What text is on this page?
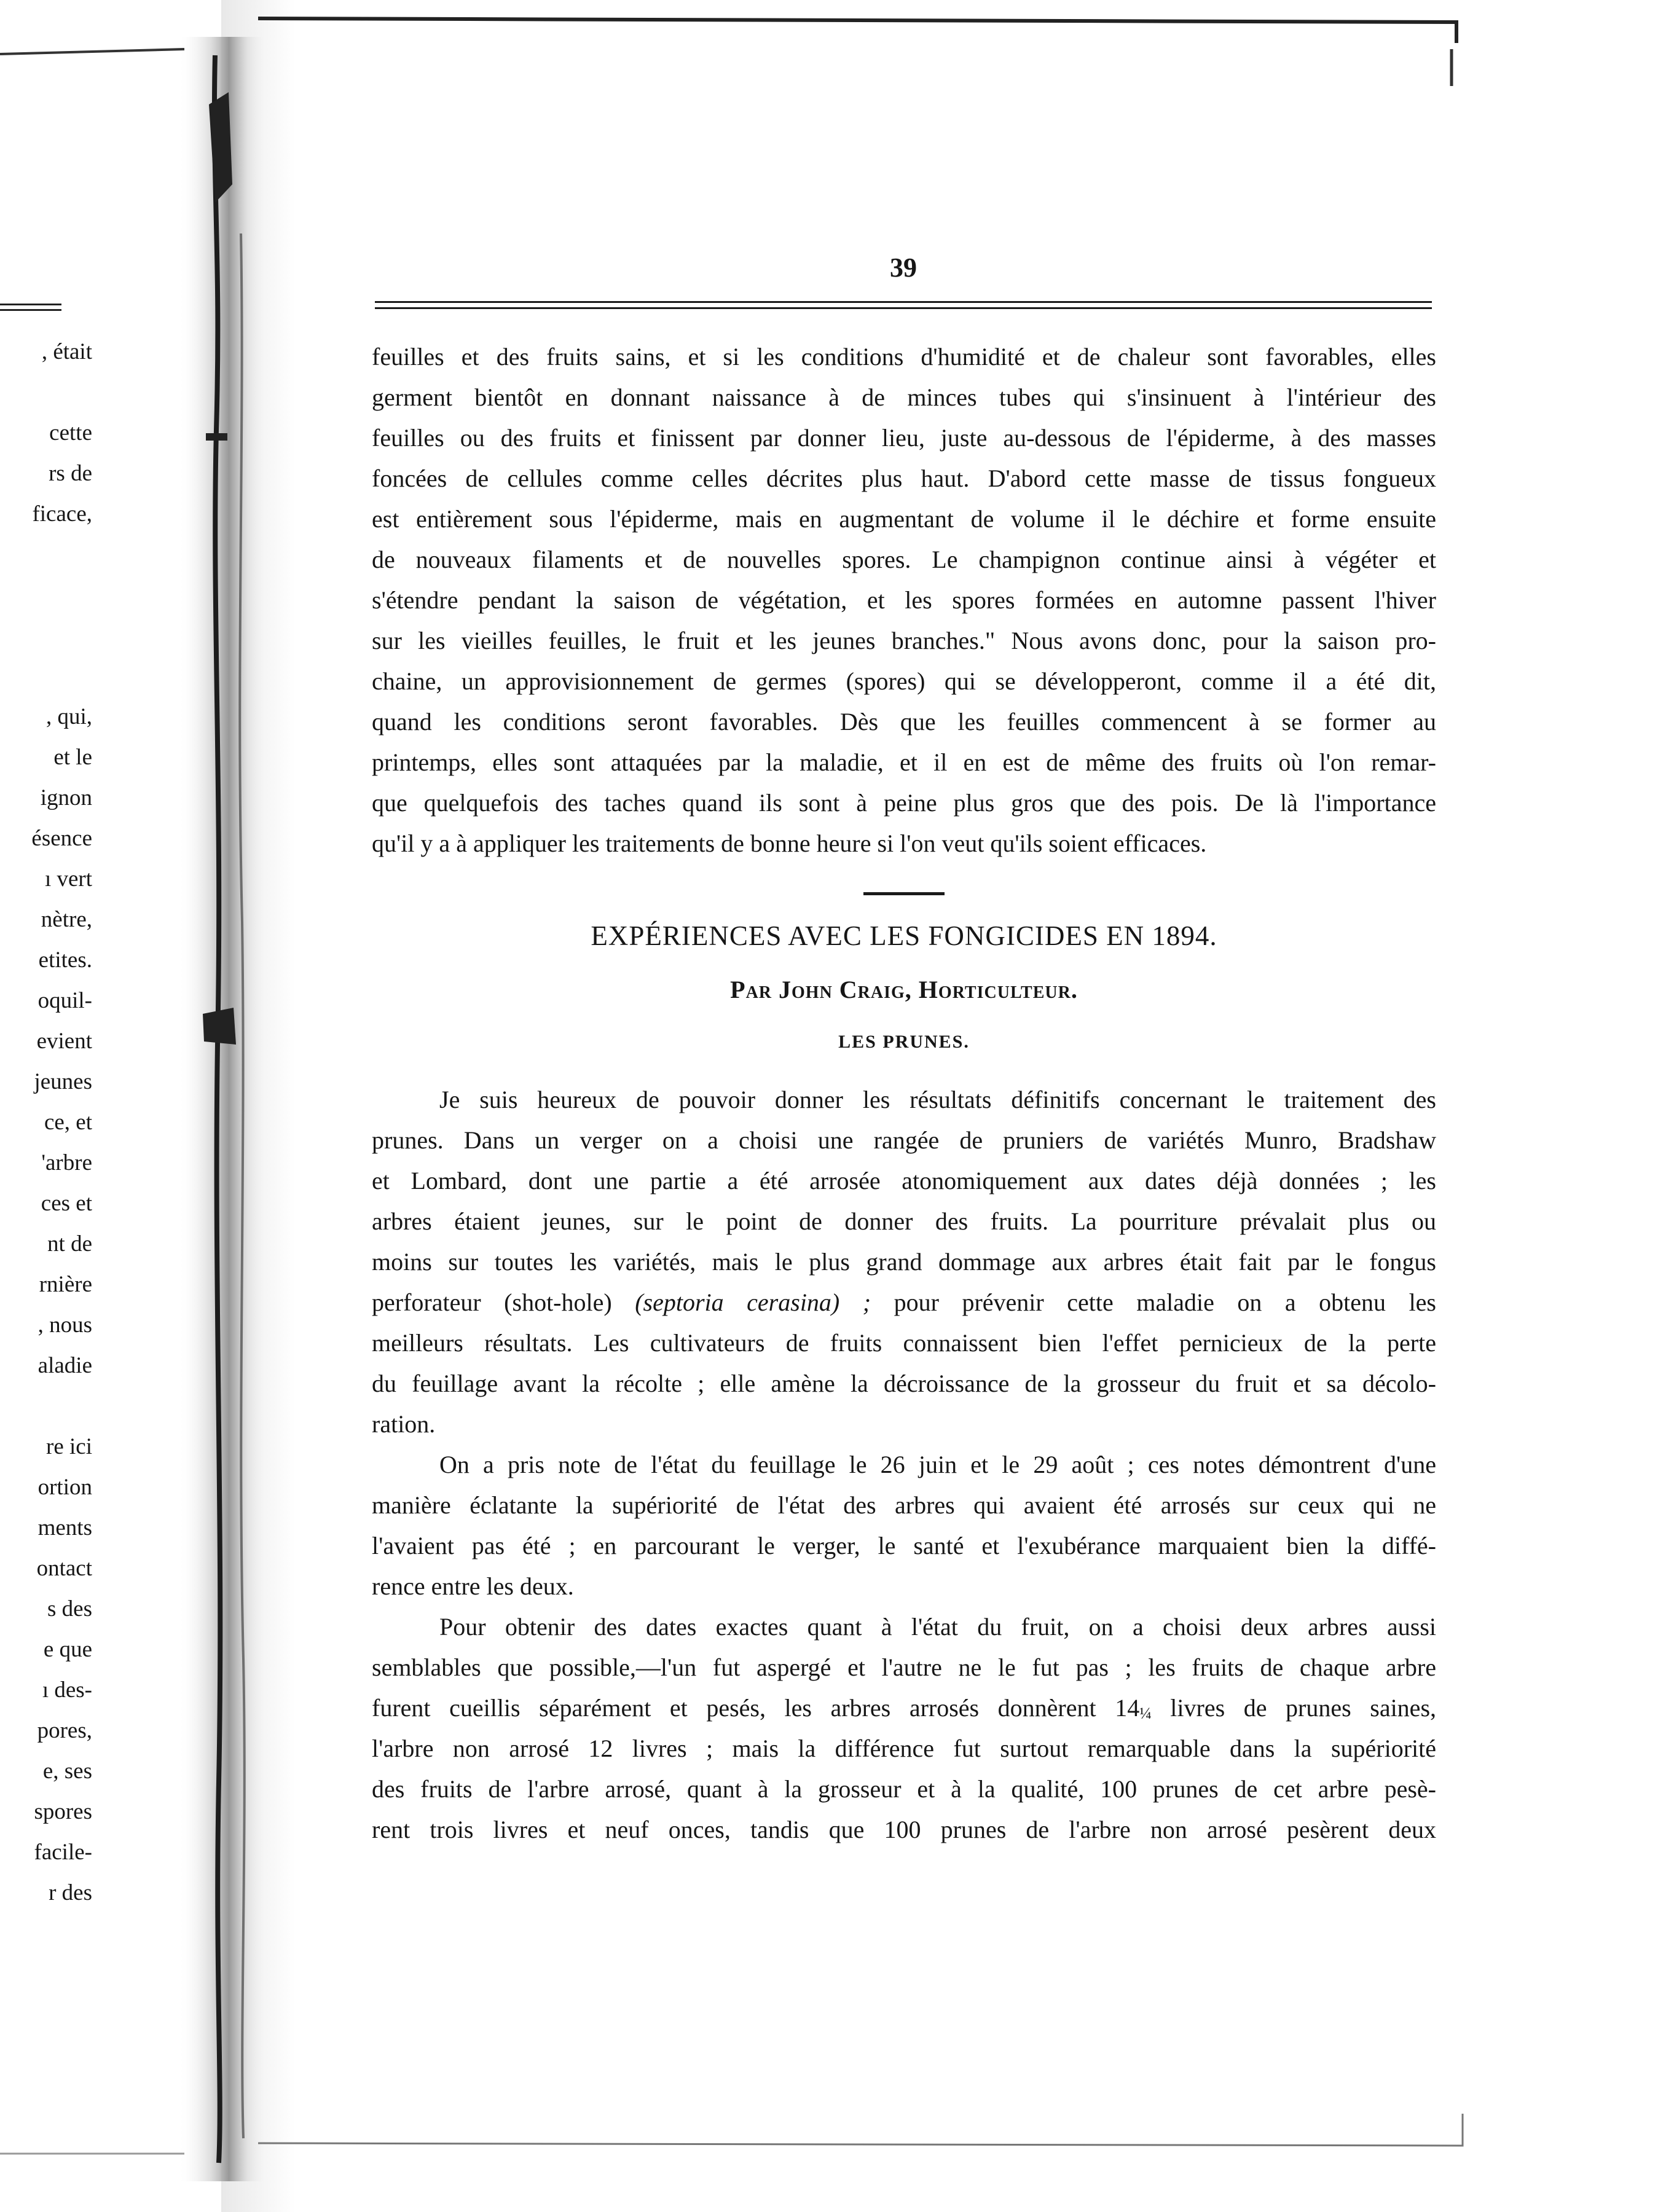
, était
cette
rs de
ficace,
, qui,
et le
ignon
ésence
ı vert
nètre,
etites.
oquil-
evient
jeunes
ce, et
'arbre
ces et
nt de
rnière
, nous
aladie
re ici
ortion
ments
ontact
s des
e que
ı des-
pores,
e, ses
spores
facile-
r des
39
feuilles et des fruits sains, et si les conditions d'humidité et de chaleur sont favorables, elles
germent bientôt en donnant naissance à de minces tubes qui s'insinuent à l'intérieur des
feuilles ou des fruits et finissent par donner lieu, juste au-dessous de l'épiderme, à des masses
foncées de cellules comme celles décrites plus haut. D'abord cette masse de tissus fongueux
est entièrement sous l'épiderme, mais en augmentant de volume il le déchire et forme ensuite
de nouveaux filaments et de nouvelles spores. Le champignon continue ainsi à végéter et
s'étendre pendant la saison de végétation, et les spores formées en automne passent l'hiver
sur les vieilles feuilles, le fruit et les jeunes branches." Nous avons donc, pour la saison pro-
chaine, un approvisionnement de germes (spores) qui se développeront, comme il a été dit,
quand les conditions seront favorables. Dès que les feuilles commencent à se former au
printemps, elles sont attaquées par la maladie, et il en est de même des fruits où l'on remar-
que quelquefois des taches quand ils sont à peine plus gros que des pois. De là l'importance
qu'il y a à appliquer les traitements de bonne heure si l'on veut qu'ils soient efficaces.
EXPÉRIENCES AVEC LES FONGICIDES EN 1894.
Par John Craig, Horticulteur.
LES PRUNES.
Je suis heureux de pouvoir donner les résultats définitifs concernant le traitement des
prunes. Dans un verger on a choisi une rangée de pruniers de variétés Munro, Bradshaw
et Lombard, dont une partie a été arrosée atonomiquement aux dates déjà données ; les
arbres étaient jeunes, sur le point de donner des fruits. La pourriture prévalait plus ou
moins sur toutes les variétés, mais le plus grand dommage aux arbres était fait par le fongus
perforateur (shot-hole) (septoria cerasina) ; pour prévenir cette maladie on a obtenu les
meilleurs résultats. Les cultivateurs de fruits connaissent bien l'effet pernicieux de la perte
du feuillage avant la récolte ; elle amène la décroissance de la grosseur du fruit et sa décolo-
ration.
On a pris note de l'état du feuillage le 26 juin et le 29 août ; ces notes démontrent d'une
manière éclatante la supériorité de l'état des arbres qui avaient été arrosés sur ceux qui ne
l'avaient pas été ; en parcourant le verger, le santé et l'exubérance marquaient bien la diffé-
rence entre les deux.
Pour obtenir des dates exactes quant à l'état du fruit, on a choisi deux arbres aussi
semblables que possible,—l'un fut aspergé et l'autre ne le fut pas ; les fruits de chaque arbre
furent cueillis séparément et pesés, les arbres arrosés donnèrent 14¼ livres de prunes saines,
l'arbre non arrosé 12 livres ; mais la différence fut surtout remarquable dans la supériorité
des fruits de l'arbre arrosé, quant à la grosseur et à la qualité, 100 prunes de cet arbre pesè-
rent trois livres et neuf onces, tandis que 100 prunes de l'arbre non arrosé pesèrent deux
